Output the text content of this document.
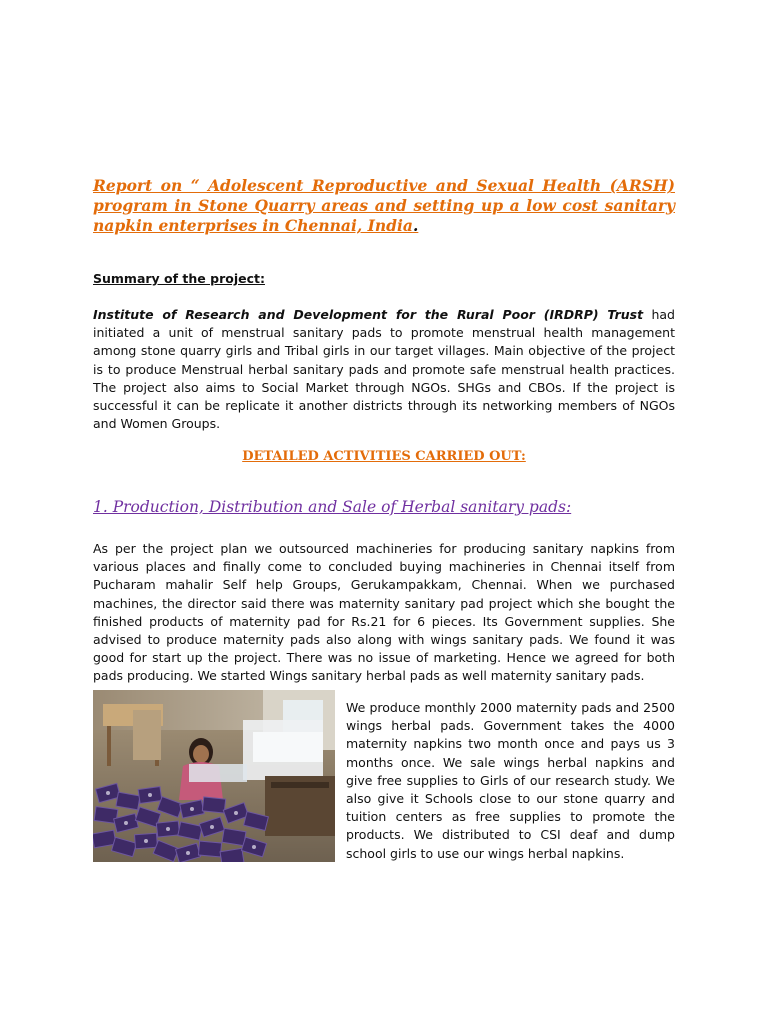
Report on “ Adolescent Reproductive and Sexual Health (ARSH) program in Stone Quarry areas and setting up a low cost sanitary napkin enterprises in Chennai, India.

Summary of the project:

Institute of Research and Development for the Rural Poor (IRDRP) Trust had initiated a unit of menstrual sanitary pads to promote menstrual health management among stone quarry girls and Tribal girls in our target villages. Main objective of the project is to produce Menstrual herbal sanitary pads and promote safe menstrual health practices. The project also aims to Social Market through NGOs. SHGs and CBOs. If the project is successful it can be replicate it another districts through its networking members of NGOs and Women Groups.

DETAILED ACTIVITIES CARRIED OUT:

1. Production, Distribution and Sale of Herbal sanitary pads:

As per the project plan we outsourced machineries for producing sanitary napkins from various places and finally come to concluded buying machineries in Chennai itself from Pucharam mahalir Self help Groups, Gerukampakkam, Chennai. When we purchased machines, the director said there was maternity sanitary pad project which she bought the finished products of maternity pad for Rs.21 for 6 pieces. Its Government supplies. She advised to produce maternity pads also along with wings sanitary pads. We found it was good for start up the project. There was no issue of marketing. Hence we agreed for both pads producing. We started Wings sanitary herbal pads as well maternity sanitary pads.

We produce monthly 2000 maternity pads and 2500 wings herbal pads. Government takes the 4000 maternity napkins two month once and pays us 3 months once. We sale wings herbal napkins and give free supplies to Girls of our research study. We also give it Schools close to our stone quarry and tuition centers as free supplies to promote the products. We distributed to CSI deaf and dump school girls to use our wings herbal napkins.
